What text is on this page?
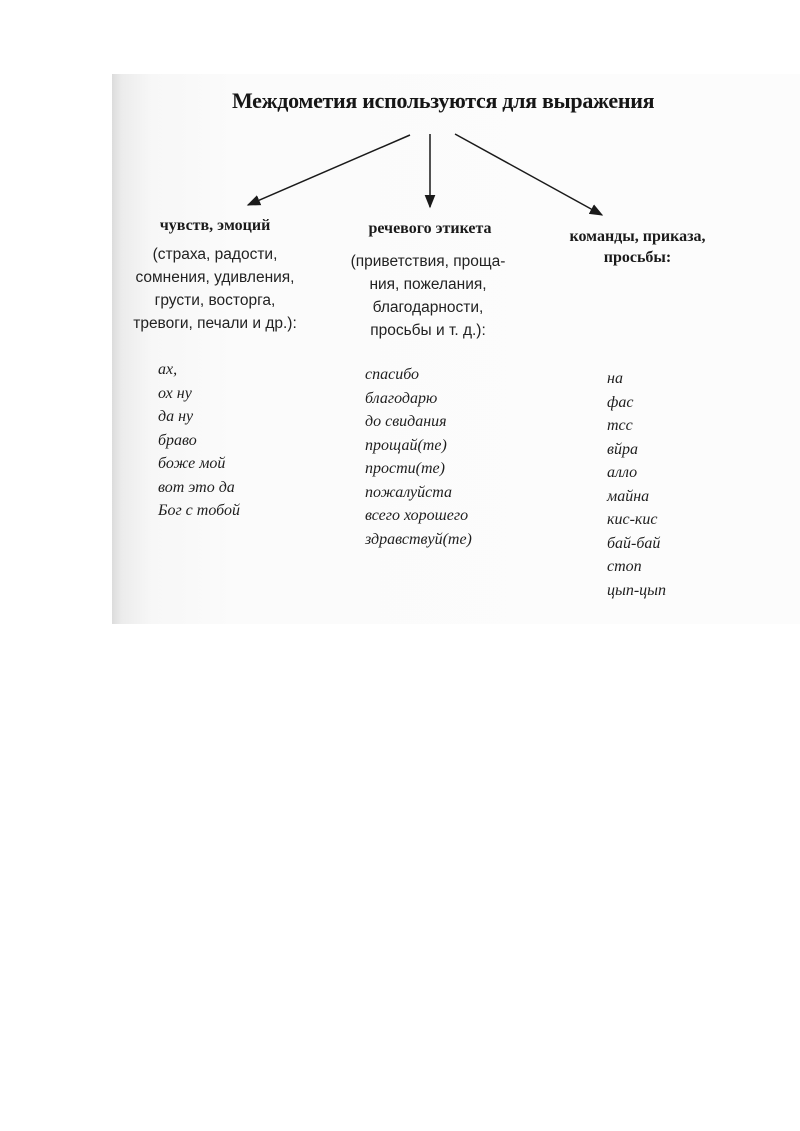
Междометия используются для выражения
чувств, эмоций
(страха, радости,
сомнения, удивления,
грусти, восторга,
тревоги, печали и др.):
ах,
ох ну
да ну
браво
боже мой
вот это да
Бог с тобой
речевого этикета
(приветствия, проща-
ния, пожелания,
благодарности,
просьбы и т. д.):
спасибо
благодарю
до свидания
прощай(те)
прости(те)
пожалуйста
всего хорошего
здравствуй(те)
команды, приказа,
просьбы:
на
фас
тсс
вйра
алло
майна
кис-кис
бай-бай
стоп
цып-цып
